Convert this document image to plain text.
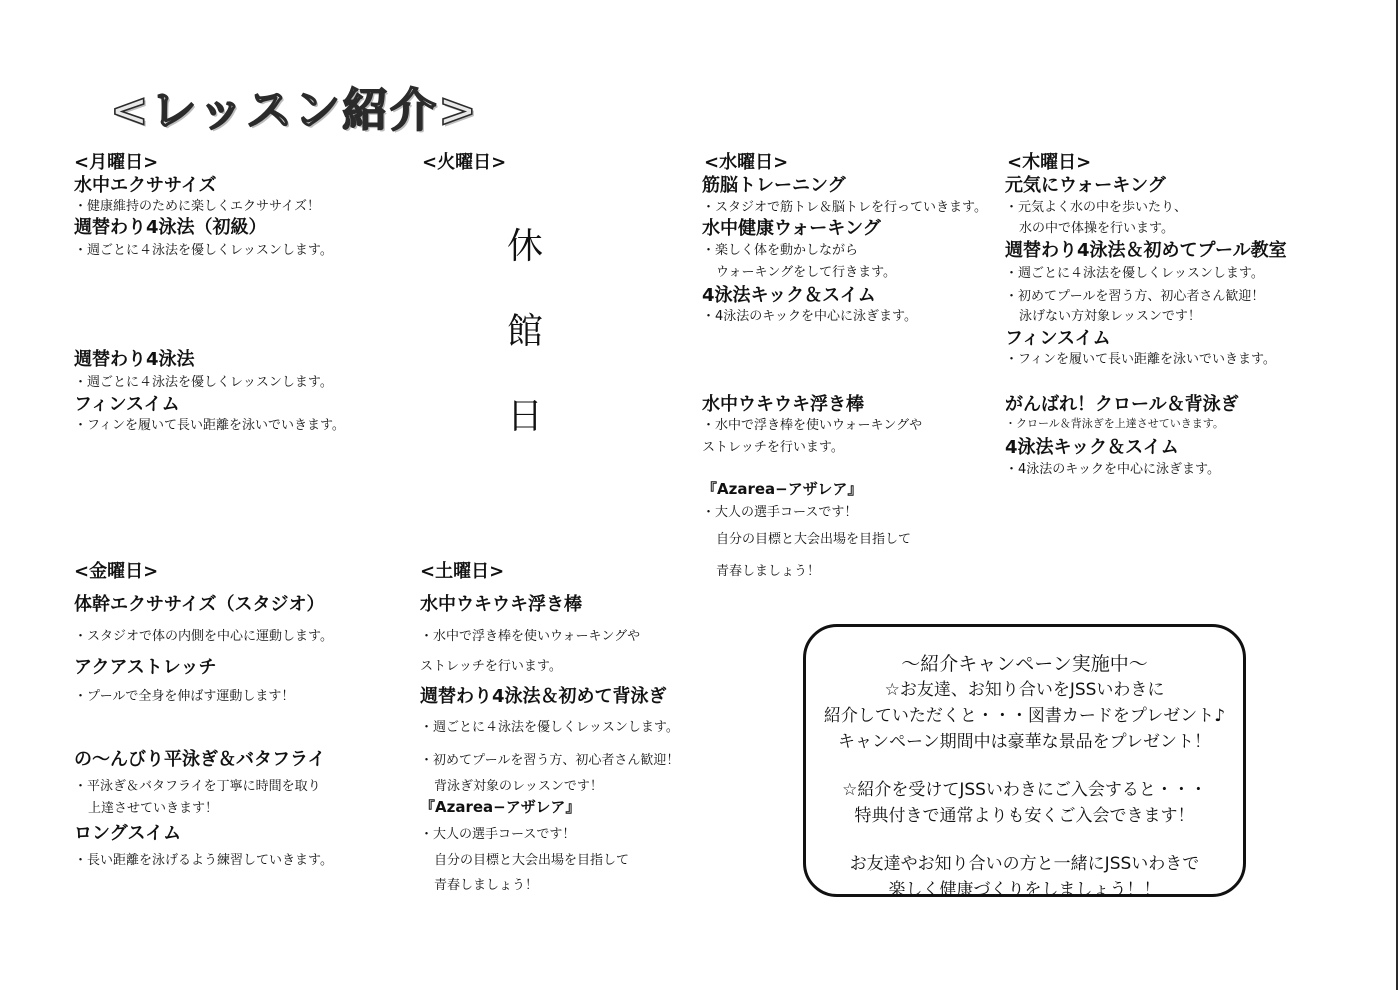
<レッスン紹介>
<月曜日>
水中エクササイズ
・健康維持のために楽しくエクササイズ！
週替わり4泳法（初級）
・週ごとに４泳法を優しくレッスンします。
週替わり4泳法
・週ごとに４泳法を優しくレッスンします。
フィンスイム
・フィンを履いて長い距離を泳いでいきます。
<火曜日>
休
館
日
<水曜日>
筋脳トレーニング
・スタジオで筋トレ＆脳トレを行っていきます。
水中健康ウォーキング
・楽しく体を動かしながら
ウォーキングをして行きます。
4泳法キック＆スイム
・4泳法のキックを中心に泳ぎます。
水中ウキウキ浮き棒
・水中で浮き棒を使いウォーキングや
ストレッチを行います。
『Azarea−アザレア』
・大人の選手コースです！
自分の目標と大会出場を目指して
青春しましょう！
<木曜日>
元気にウォーキング
・元気よく水の中を歩いたり、
水の中で体操を行います。
週替わり4泳法＆初めてプール教室
・週ごとに４泳法を優しくレッスンします。
・初めてプールを習う方、初心者さん歓迎！
泳げない方対象レッスンです！
フィンスイム
・フィンを履いて長い距離を泳いでいきます。
がんばれ！クロール＆背泳ぎ
・クロール＆背泳ぎを上達させていきます。
4泳法キック＆スイム
・4泳法のキックを中心に泳ぎます。
<金曜日>
体幹エクササイズ（スタジオ）
・スタジオで体の内側を中心に運動します。
アクアストレッチ
・プールで全身を伸ばす運動します！
の〜んびり平泳ぎ＆バタフライ
・平泳ぎ＆バタフライを丁寧に時間を取り
上達させていきます！
ロングスイム
・長い距離を泳げるよう練習していきます。
<土曜日>
水中ウキウキ浮き棒
・水中で浮き棒を使いウォーキングや
ストレッチを行います。
週替わり4泳法＆初めて背泳ぎ
・週ごとに４泳法を優しくレッスンします。
・初めてプールを習う方、初心者さん歓迎！
背泳ぎ対象のレッスンです！
『Azarea−アザレア』
・大人の選手コースです！
自分の目標と大会出場を目指して
青春しましょう！
〜紹介キャンペーン実施中〜
☆お友達、お知り合いをJSSいわきに
紹介していただくと・・・図書カードをプレゼント♪
キャンペーン期間中は豪華な景品をプレゼント！
☆紹介を受けてJSSいわきにご入会すると・・・
特典付きで通常よりも安くご入会できます！
お友達やお知り合いの方と一緒にJSSいわきで
楽しく健康づくりをしましょう！！
